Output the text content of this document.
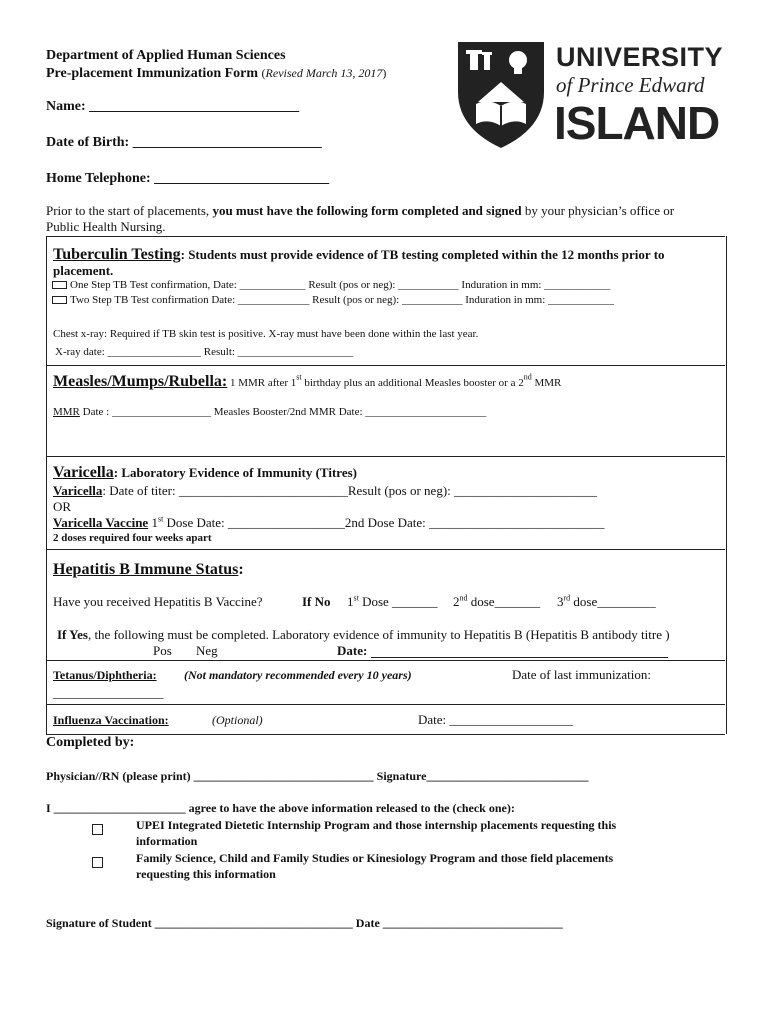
Department of Applied Human Sciences
Pre-placement Immunization Form (Revised March 13, 2017)
UNIVERSITY
of Prince Edward
ISLAND
Name: ______________________________
Date of Birth: ___________________________
Home Telephone: _________________________
Prior to the start of placements, you must have the following form completed and signed by your physician’s office or
Public Health Nursing.
Tuberculin Testing: Students must provide evidence of TB testing completed within the 12 months prior to
placement.
One Step TB Test confirmation, Date: ____________ Result (pos or neg): ___________ Induration in mm: ____________
Two Step TB Test confirmation Date: _____________ Result (pos or neg): ___________ Induration in mm: ____________
Chest x-ray: Required if TB skin test is positive. X-ray must have been done within the last year.
X-ray date: _________________ Result: _____________________
Measles/Mumps/Rubella: 1 MMR after 1st birthday plus an additional Measles booster or a 2nd MMR
MMR Date : __________________ Measles Booster/2nd MMR Date: ______________________
Varicella: Laboratory Evidence of Immunity (Titres)
Varicella: Date of titer: __________________________Result (pos or neg): ______________________
OR
Varicella Vaccine 1st Dose Date: __________________2nd Dose Date: ___________________________
2 doses required four weeks apart
Hepatitis B Immune Status:
Have you received Hepatitis B Vaccine?	If No 1st Dose _______ 2nd dose_______ 3rd dose_________
If Yes, the following must be completed. Laboratory evidence of immunity to Hepatitis B (Hepatitis B antibody titre )
Pos Neg	Date:
Tetanus/Diphtheria: (Not mandatory recommended every 10 years)	Date of last immunization:
_________________
Influenza Vaccination:	(Optional)	Date: ___________________
Completed by:
Physician//RN (please print) ______________________________ Signature___________________________
I ______________________ agree to have the above information released to the (check one):
UPEI Integrated Dietetic Internship Program and those internship placements requesting this
information
Family Science, Child and Family Studies or Kinesiology Program and those field placements
requesting this information
Signature of Student _________________________________ Date ______________________________
